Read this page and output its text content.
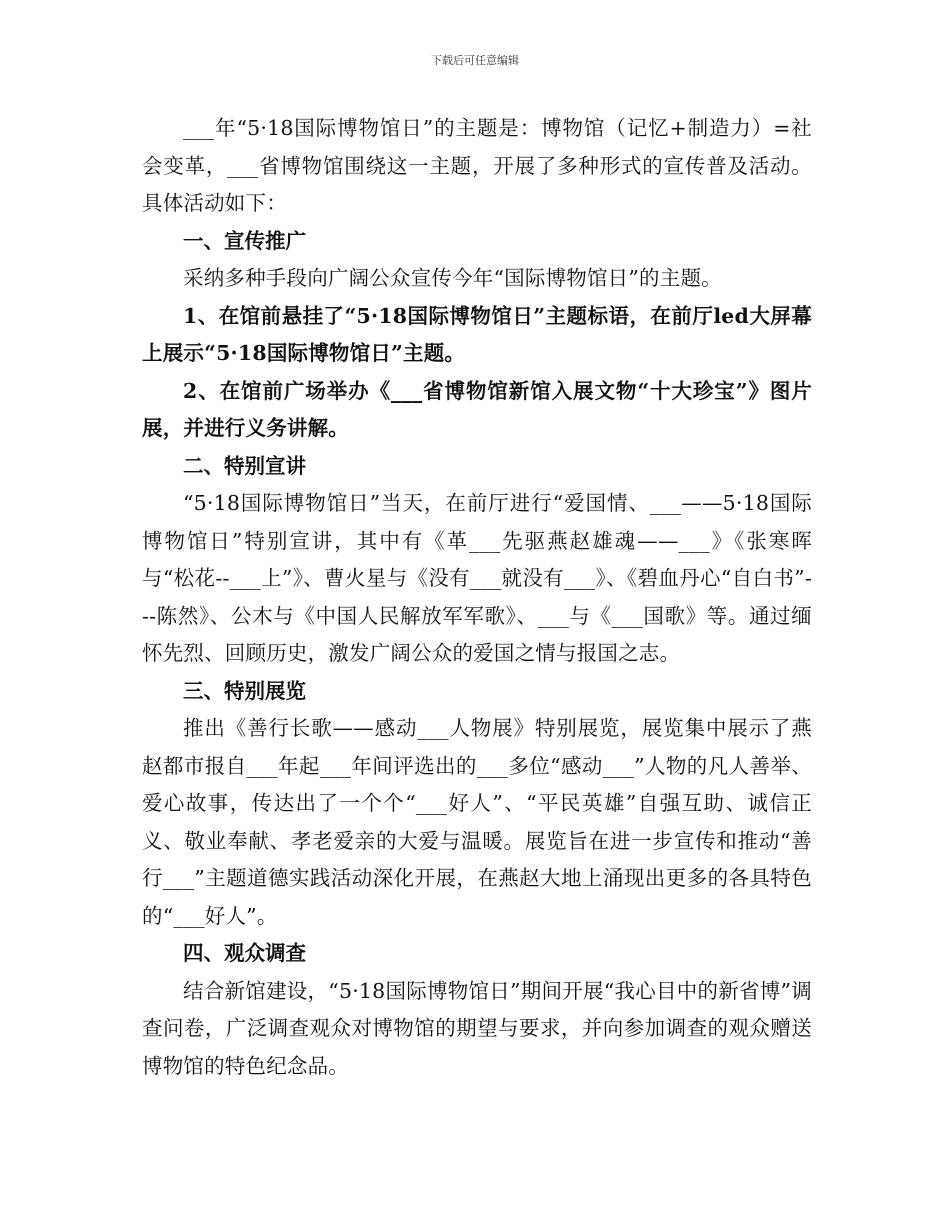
下载后可任意编辑

___年“5·18国际博物馆日”的主题是：博物馆（记忆+制造力）=社会变革，___省博物馆围绕这一主题，开展了多种形式的宣传普及活动。具体活动如下：

一、宣传推广

采纳多种手段向广阔公众宣传今年“国际博物馆日”的主题。

1、在馆前悬挂了“5·18国际博物馆日”主题标语，在前厅led大屏幕上展示“5·18国际博物馆日”主题。

2、在馆前广场举办《___省博物馆新馆入展文物“十大珍宝”》图片展，并进行义务讲解。

二、特别宣讲

“5·18国际博物馆日”当天，在前厅进行“爱国情、___——5·18国际博物馆日”特别宣讲，其中有《革___先驱燕赵雄魂——___》《张寒晖与“松花--___上”》、曹火星与《没有___就没有___》、《碧血丹心“自白书”---陈然》、公木与《中国人民解放军军歌》、___与《___国歌》等。通过缅怀先烈、回顾历史，激发广阔公众的爱国之情与报国之志。

三、特别展览

推出《善行长歌——感动___人物展》特别展览，展览集中展示了燕赵都市报自___年起___年间评选出的___多位“感动___”人物的凡人善举、爱心故事，传达出了一个个“___好人”、“平民英雄”自强互助、诚信正义、敬业奉献、孝老爱亲的大爱与温暖。展览旨在进一步宣传和推动“善行___”主题道德实践活动深化开展，在燕赵大地上涌现出更多的各具特色的“___好人”。

四、观众调查

结合新馆建设，“5·18国际博物馆日”期间开展“我心目中的新省博”调查问卷，广泛调查观众对博物馆的期望与要求，并向参加调查的观众赠送博物馆的特色纪念品。
